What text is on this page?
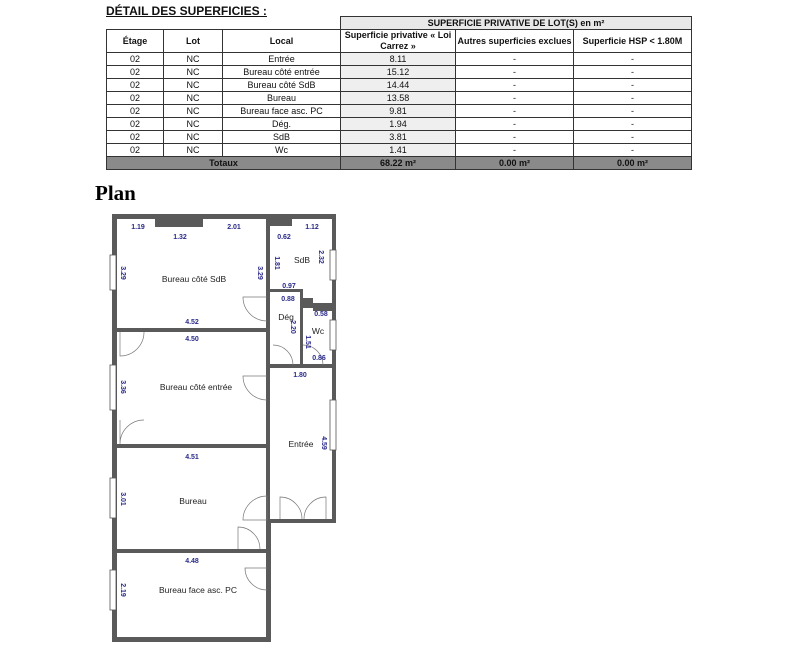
DÉTAIL DES SUPERFICIES :
			SUPERFICIE PRIVATIVE DE LOT(S) en m²		
Étage	Lot	Local	Superficie privative « Loi Carrez »	Autres superficies exclues	Superficie HSP < 1.80M
02	NC	Entrée	8.11	-	-
02	NC	Bureau côté entrée	15.12	-	-
02	NC	Bureau côté SdB	14.44	-	-
02	NC	Bureau	13.58	-	-
02	NC	Bureau face asc. PC	9.81	-	-
02	NC	Dég.	1.94	-	-
02	NC	SdB	3.81	-	-
02	NC	Wc	1.41	-	-
Totaux			68.22 m²	0.00 m²	0.00 m²
Plan
Bureau côté SdB
Bureau côté entrée
Bureau
Bureau face asc. PC
SdB
Dég
Wc
Entrée
1.19
1.32
2.01	1.12
0.62
4.52
4.50
0.97
0.88
0.58
0.86
1.80
4.51
4.48
3.29	3.29
1.81	2.32
2.20
1.51
3.36
4.59
3.01
2.19
